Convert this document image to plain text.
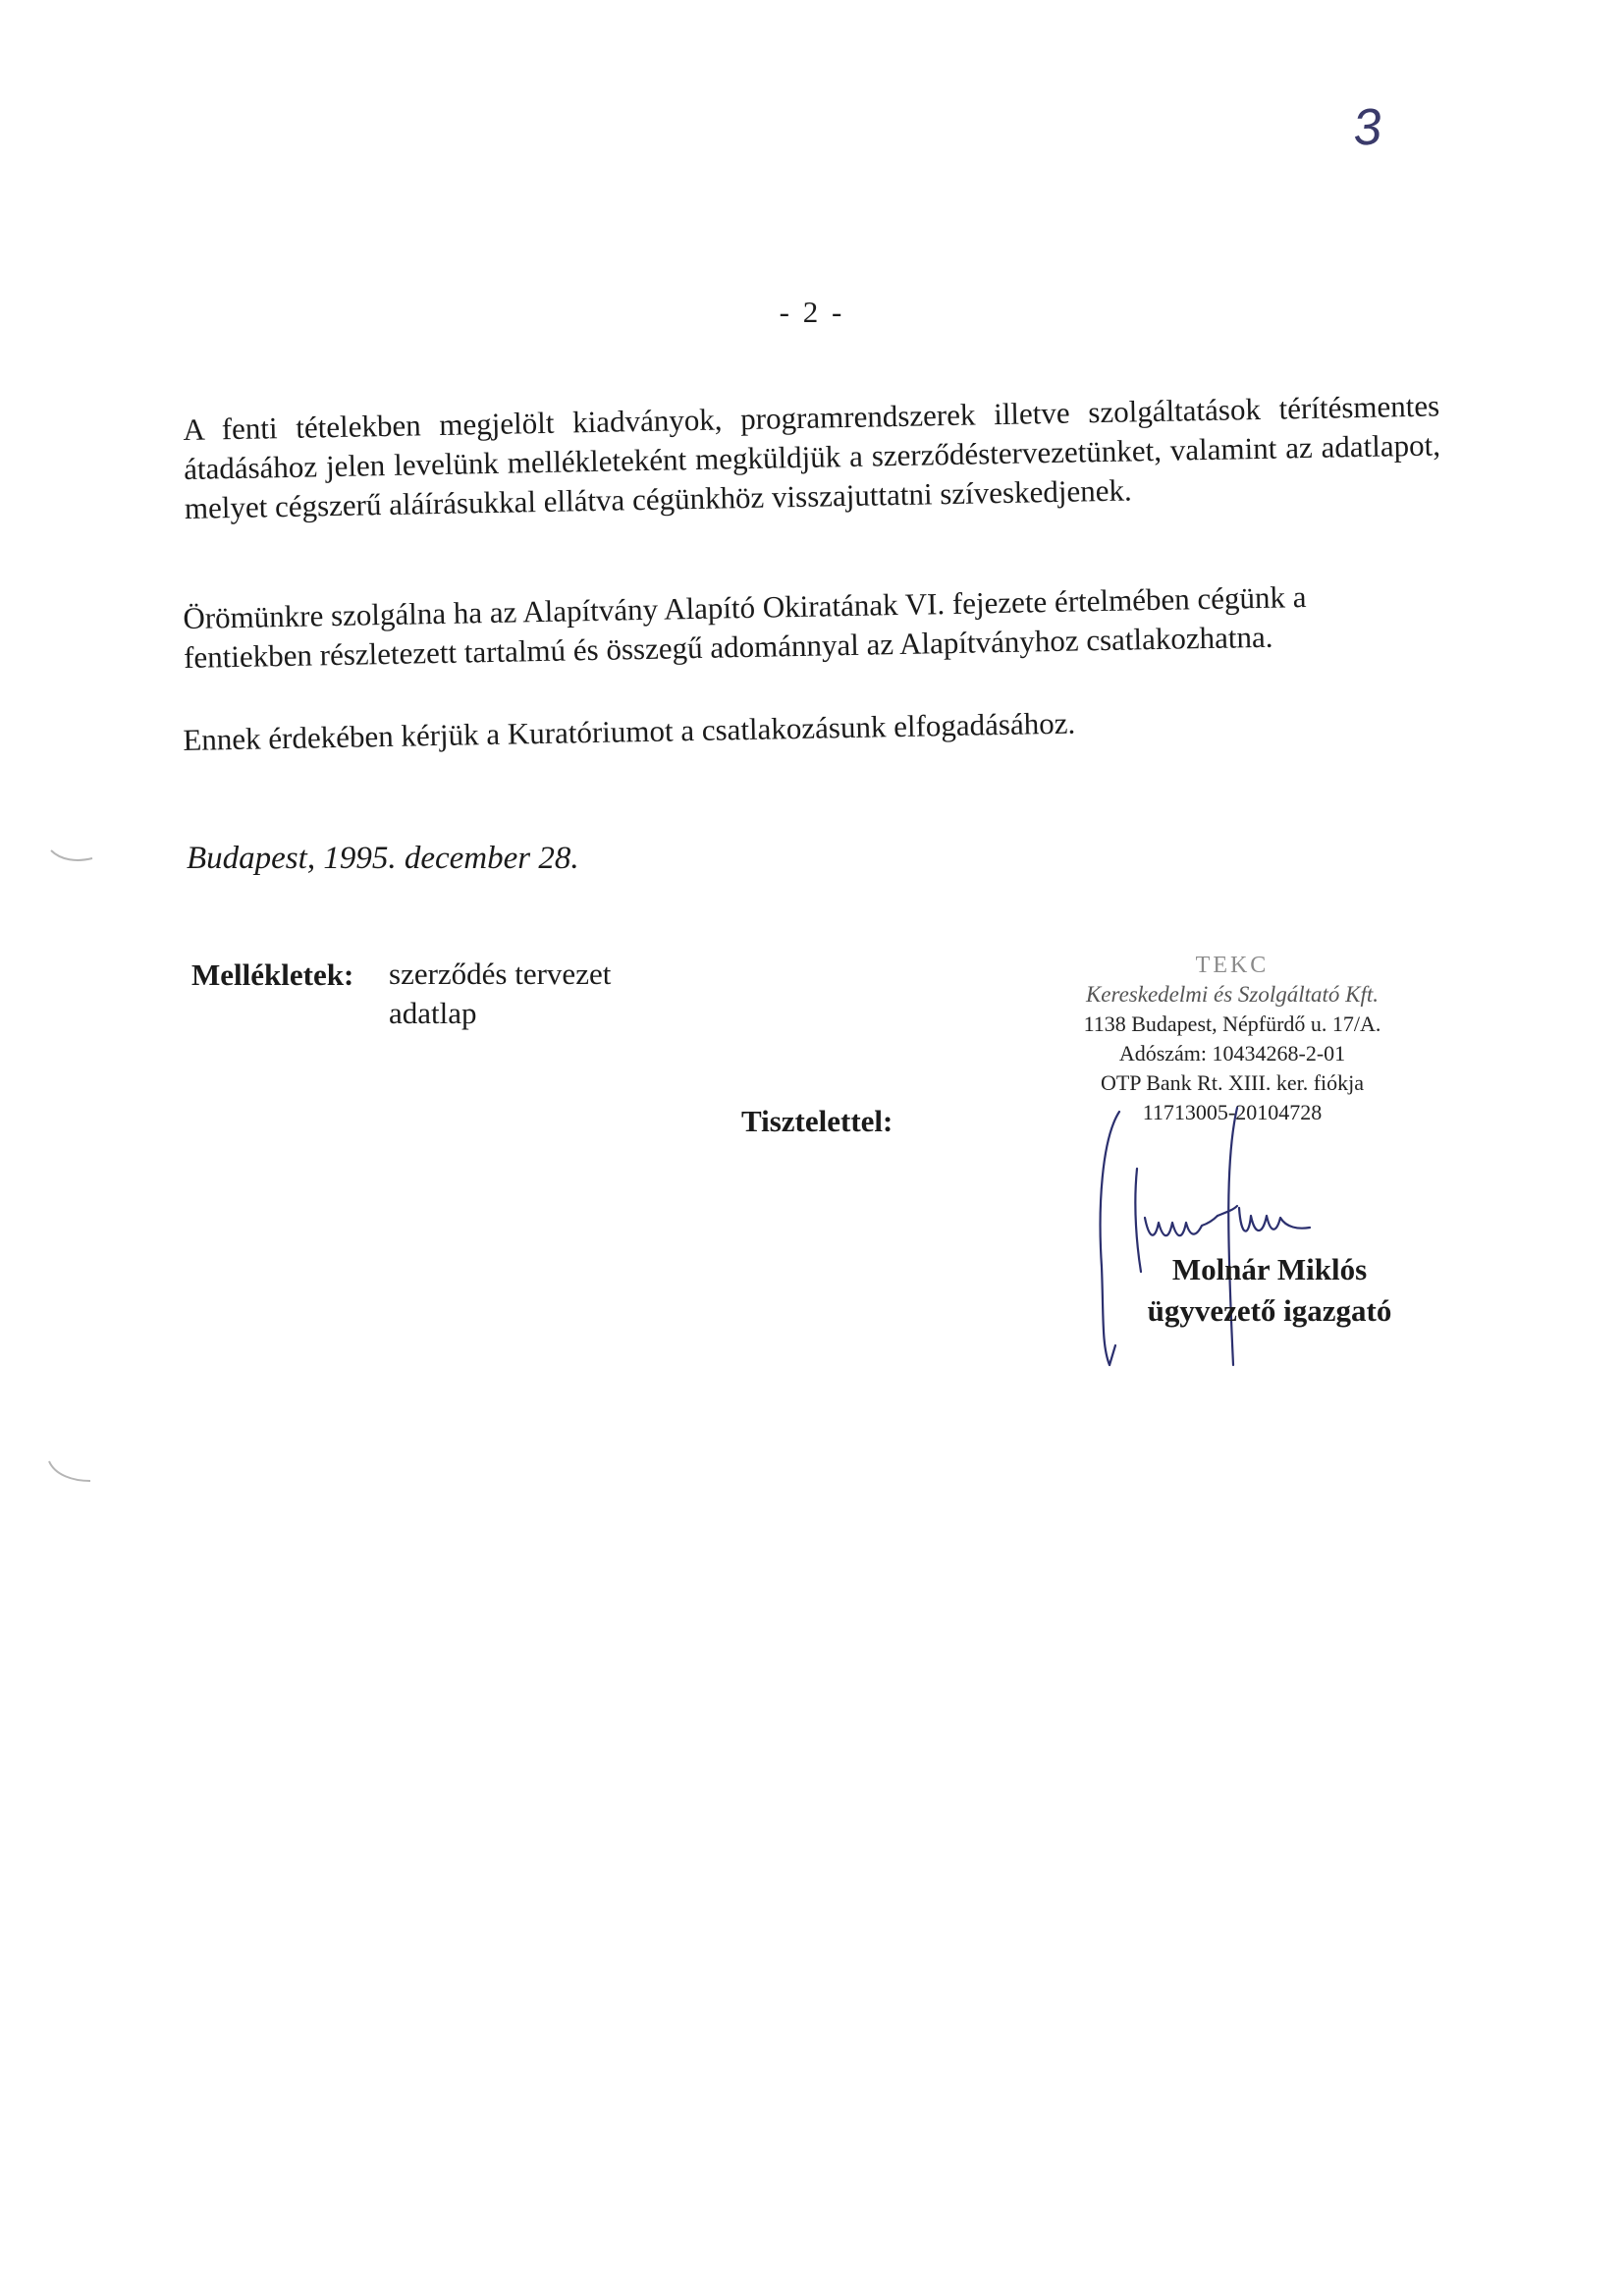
3
- 2 -
A fenti tételekben megjelölt kiadványok, programrendszerek illetve szolgáltatások térítésmentes átadásához jelen levelünk mellékleteként megküldjük a szerződéstervezetünket, valamint az adatlapot, melyet cégszerű aláírásukkal ellátva cégünkhöz visszajuttatni szíveskedjenek.
Örömünkre szolgálna ha az Alapítvány Alapító Okiratának VI. fejezete értelmében cégünk a fentiekben részletezett tartalmú és összegű adománnyal az Alapítványhoz csatlakozhatna.
Ennek érdekében kérjük a Kuratóriumot a csatlakozásunk elfogadásához.
Budapest, 1995. december 28.
Mellékletek: szerződés tervezet
adatlap
Tisztelettel:
TEKC
Kereskedelmi és Szolgáltató Kft.
1138 Budapest, Népfürdő u. 17/A.
Adószám: 10434268-2-01
OTP Bank Rt. XIII. ker. fiókja
11713005-20104728
Molnár Miklós
ügyvezető igazgató
